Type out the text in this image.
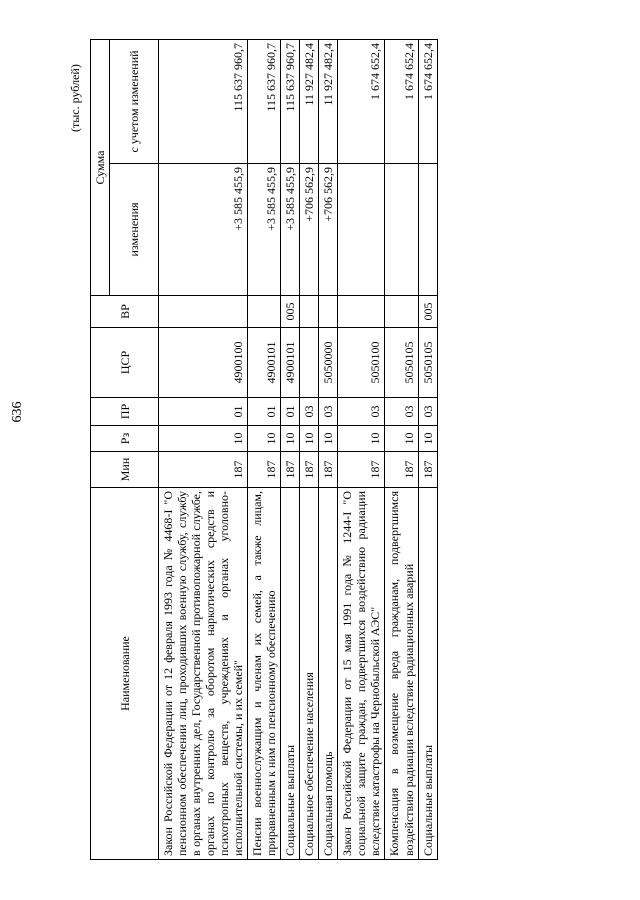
636
(тыс. рублей)
Наименование	Мин	Рз	ПР	ЦСР	ВР	Сумма	
						изменения	с учетом изменений
Закон Российской Федерации от 12 февраля 1993 года № 4468-I "О пенсионном обеспечении лиц, проходивших военную службу, службу в органах внутренних дел, Государственной противопожарной службе, органах по контролю за оборотом наркотических средств и психотропных веществ, учреждениях и органах уголовно-исполнительной системы, и их семей"	187	10	01	4900100		+3 585 455,9	115 637 960,7
Пенсии военнослужащим и членам их семей, а также лицам, приравненным к ним по пенсионному обеспечению	187	10	01	4900101		+3 585 455,9	115 637 960,7
Социальные выплаты	187	10	01	4900101	005	+3 585 455,9	115 637 960,7
Социальное обеспечение населения	187	10	03			+706 562,9	11 927 482,4
Социальная помощь	187	10	03	5050000		+706 562,9	11 927 482,4
Закон Российской Федерации от 15 мая 1991 года № 1244-I "О социальной защите граждан, подвергшихся воздействию радиации вследствие катастрофы на Чернобыльской АЭС"	187	10	03	5050100			1 674 652,4
Компенсация в возмещение вреда гражданам, подвергшимся воздействию радиации вследствие радиационных аварий	187	10	03	5050105			1 674 652,4
Социальные выплаты	187	10	03	5050105	005		1 674 652,4
